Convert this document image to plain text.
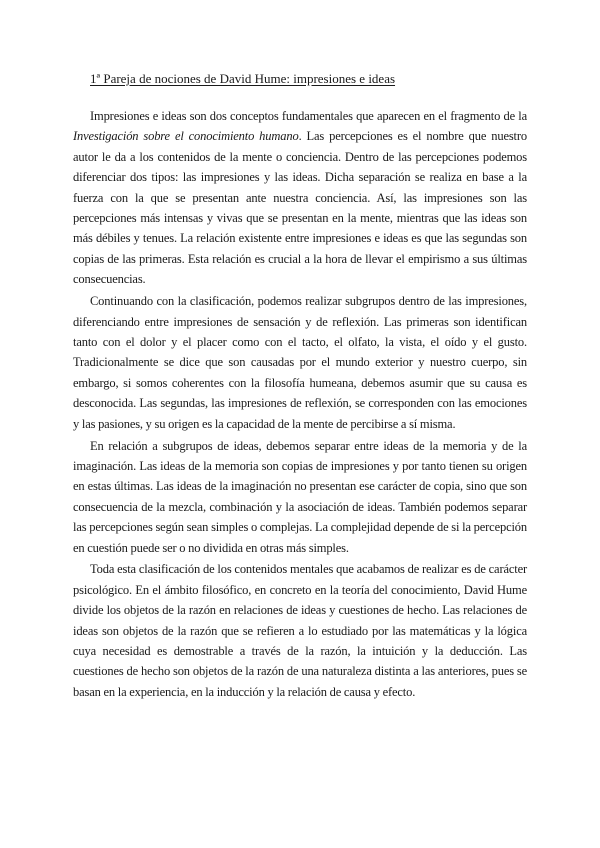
1ª Pareja de nociones de David Hume: impresiones e ideas

Impresiones e ideas son dos conceptos fundamentales que aparecen en el fragmento de la Investigación sobre el conocimiento humano. Las percepciones es el nombre que nuestro autor le da a los contenidos de la mente o conciencia. Dentro de las percepciones podemos diferenciar dos tipos: las impresiones y las ideas. Dicha separación se realiza en base a la fuerza con la que se presentan ante nuestra conciencia. Así, las impresiones son las percepciones más intensas y vivas que se presentan en la mente, mientras que las ideas son más débiles y tenues. La relación existente entre impresiones e ideas es que las segundas son copias de las primeras. Esta relación es crucial a la hora de llevar el empirismo a sus últimas consecuencias.

Continuando con la clasificación, podemos realizar subgrupos dentro de las impresiones, diferenciando entre impresiones de sensación y de reflexión. Las primeras son identifican tanto con el dolor y el placer como con el tacto, el olfato, la vista, el oído y el gusto. Tradicionalmente se dice que son causadas por el mundo exterior y nuestro cuerpo, sin embargo, si somos coherentes con la filosofía humeana, debemos asumir que su causa es desconocida. Las segundas, las impresiones de reflexión, se corresponden con las emociones y las pasiones, y su origen es la capacidad de la mente de percibirse a sí misma.

En relación a subgrupos de ideas, debemos separar entre ideas de la memoria y de la imaginación. Las ideas de la memoria son copias de impresiones y por tanto tienen su origen en estas últimas. Las ideas de la imaginación no presentan ese carácter de copia, sino que son consecuencia de la mezcla, combinación y la asociación de ideas. También podemos separar las percepciones según sean simples o complejas. La complejidad depende de si la percepción en cuestión puede ser o no dividida en otras más simples.

Toda esta clasificación de los contenidos mentales que acabamos de realizar es de carácter psicológico. En el ámbito filosófico, en concreto en la teoría del conocimiento, David Hume divide los objetos de la razón en relaciones de ideas y cuestiones de hecho. Las relaciones de ideas son objetos de la razón que se refieren a lo estudiado por las matemáticas y la lógica cuya necesidad es demostrable a través de la razón, la intuición y la deducción. Las cuestiones de hecho son objetos de la razón de una naturaleza distinta a las anteriores, pues se basan en la experiencia, en la inducción y la relación de causa y efecto.
